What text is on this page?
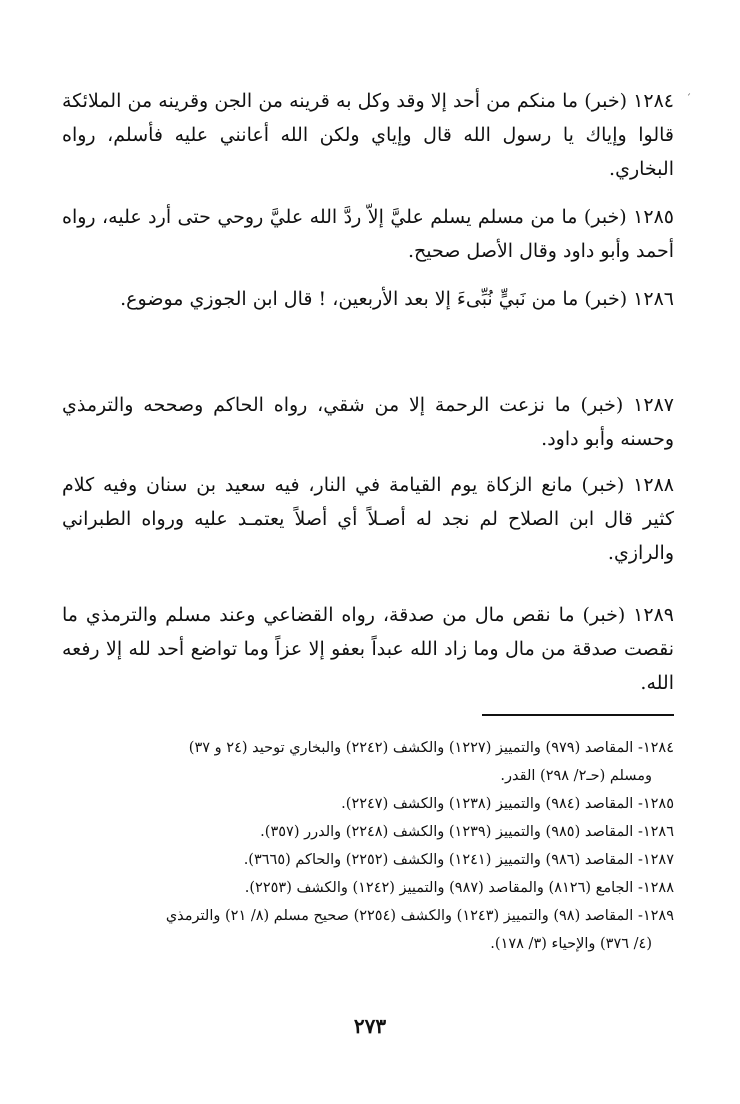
ˊ

١٢٨٤ (خبر) ما منكم من أحد إلا وقد وكل به قرينه من الجن وقرينه من الملائكة قالوا وإياك يا رسول الله قال وإياي ولكن الله أعانني عليه فأسلم، رواه البخاري.

١٢٨٥ (خبر) ما من مسلم يسلم عليَّ إلاّ ردَّ الله عليَّ روحي حتى أرد عليه، رواه أحمد وأبو داود وقال الأصل صحيح.

١٢٨٦ (خبر) ما من نَبيٍّ نُبِّىءَ إلا بعد الأربعين، ! قال ابن الجوزي موضوع.

١٢٨٧ (خبر) ما نزعت الرحمة إلا من شقي، رواه الحاكم وصححه والترمذي وحسنه وأبو داود.

١٢٨٨ (خبر) مانع الزكاة يوم القيامة في النار، فيه سعيد بن سنان وفيه كلام كثير قال ابن الصلاح لم نجد له أصـلاً أي أصلاً يعتمـد عليه ورواه الطبراني والرازي.

١٢٨٩ (خبر) ما نقص مال من صدقة، رواه القضاعي وعند مسلم والترمذي ما نقصت صدقة من مال وما زاد الله عبداً بعفو إلا عزاً وما تواضع أحد لله إلا رفعه الله.

١٢٨٤- المقاصد (٩٧٩) والتمييز (١٢٢٧) والكشف (٢٢٤٢) والبخاري توحيد (٢٤ و ٣٧)

ومسلم (حـ٢/ ٢٩٨) القدر.

١٢٨٥- المقاصد (٩٨٤) والتمييز (١٢٣٨) والكشف (٢٢٤٧).

١٢٨٦- المقاصد (٩٨٥) والتمييز (١٢٣٩) والكشف (٢٢٤٨) والدرر (٣٥٧).

١٢٨٧- المقاصد (٩٨٦) والتمييز (١٢٤١) والكشف (٢٢٥٢) والحاكم (٣٦٦٥).

١٢٨٨- الجامع (٨١٢٦) والمقاصد (٩٨٧) والتمييز (١٢٤٢) والكشف (٢٢٥٣).

١٢٨٩- المقاصد (٩٨) والتمييز (١٢٤٣) والكشف (٢٢٥٤) صحيح مسلم (٨/ ٢١) والترمذي

(٤/ ٣٧٦) والإحياء (٣/ ١٧٨).

٢٧٣
